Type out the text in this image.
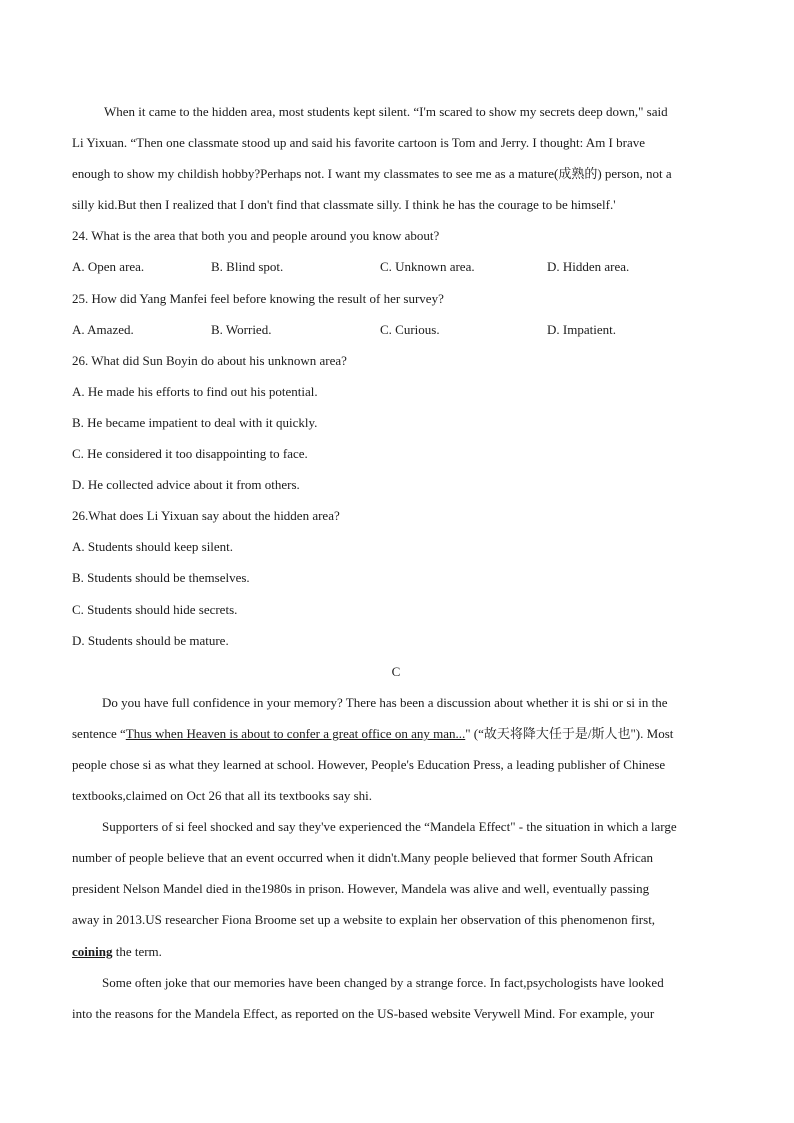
When it came to the hidden area, most students kept silent. “I'm scared to show my secrets deep down," said

Li Yixuan. “Then one classmate stood up and said his favorite cartoon is Tom and Jerry. I thought: Am I brave

enough to show my childish hobby?Perhaps not. I want my classmates to see me as a mature(成熟的) person, not a

silly kid.But then I realized that I don't find that classmate silly. I think he has the courage to be himself.'

24. What is the area that both you and people around you know about?

A. Open area.	B. Blind spot.	C. Unknown area.	D. Hidden area.

25. How did Yang Manfei feel before knowing the result of her survey?

A. Amazed.	B. Worried.	C. Curious.	D. Impatient.

26. What did Sun Boyin do about his unknown area?

A. He made his efforts to find out his potential.

B. He became impatient to deal with it quickly.

C. He considered it too disappointing to face.

D. He collected advice about it from others.

26.What does Li Yixuan say about the hidden area?

A. Students should keep silent.

B. Students should be themselves.

C. Students should hide secrets.

D. Students should be mature.

C

Do you have full confidence in your memory? There has been a discussion about whether it is shi or si in the

sentence “Thus when Heaven is about to confer a great office on any man..." (“故天将降大任于是/斯人也"). Most

people chose si as what they learned at school. However, People's Education Press, a leading publisher of Chinese

textbooks,claimed on Oct 26 that all its textbooks say shi.

Supporters of si feel shocked and say they've experienced the “Mandela Effect" - the situation in which a large

number of people believe that an event occurred when it didn't.Many people believed that former South African

president Nelson Mandel died in the1980s in prison. However, Mandela was alive and well, eventually passing

away in 2013.US researcher Fiona Broome set up a website to explain her observation of this phenomenon first,

coining the term.

Some often joke that our memories have been changed by a strange force. In fact,psychologists have looked

into the reasons for the Mandela Effect, as reported on the US-based website Verywell Mind. For example, your
